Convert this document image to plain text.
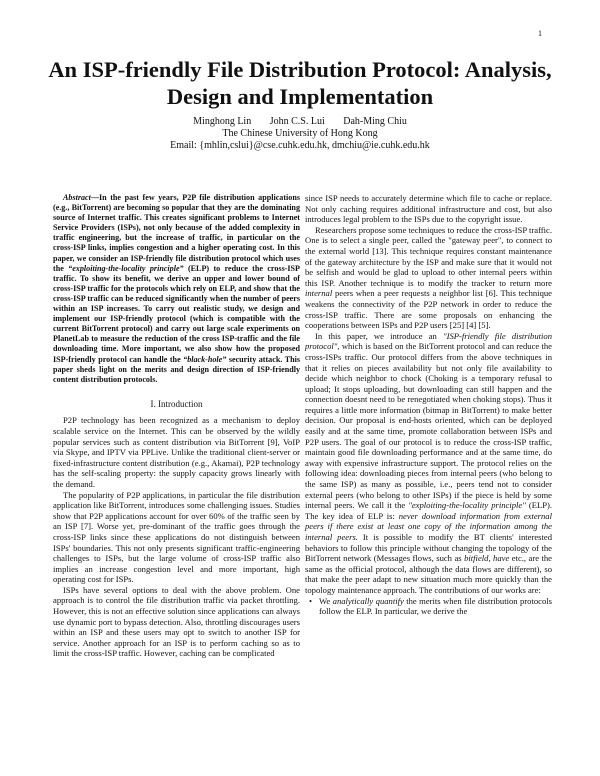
1
An ISP-friendly File Distribution Protocol: Analysis, Design and Implementation
Minghong Lin John C.S. Lui Dah-Ming Chiu
The Chinese University of Hong Kong
Email: {mhlin,cslui}@cse.cuhk.edu.hk, dmchiu@ie.cuhk.edu.hk

Abstract—In the past few years, P2P file distribution applications (e.g., BitTorrent) are becoming so popular that they are the dominating source of Internet traffic. This creates significant problems to Internet Service Providers (ISPs), not only because of the added complexity in traffic engineering, but the increase of traffic, in particular on the cross-ISP links, implies congestion and a higher operating cost. In this paper, we consider an ISP-friendly file distribution protocol which uses the “exploiting-the-locality principle” (ELP) to reduce the cross-ISP traffic. To show its benefit, we derive an upper and lower bound of cross-ISP traffic for the protocols which rely on ELP, and show that the cross-ISP traffic can be reduced significantly when the number of peers within an ISP increases. To carry out realistic study, we design and implement our ISP-friendly protocol (which is compatible with the current BitTorrent protocol) and carry out large scale experiments on PlanetLab to measure the reduction of the cross ISP-traffic and the file downloading time. More important, we also show how the proposed ISP-friendly protocol can handle the “black-hole” security attack. This paper sheds light on the merits and design direction of ISP-friendly content distribution protocols.

I. Introduction

P2P technology has been recognized as a mechanism to deploy scalable service on the Internet. This can be observed by the wildly popular services such as content distribution via BitTorrent [9], VoIP via Skype, and IPTV via PPLive. Unlike the traditional client-server or fixed-infrastructure content distribution (e.g., Akamai), P2P technology has the self-scaling property: the supply capacity grows linearly with the demand.

The popularity of P2P applications, in particular the file distribution application like BitTorrent, introduces some challenging issues. Studies show that P2P applications account for over 60% of the traffic seen by an ISP [7]. Worse yet, pre-dominant of the traffic goes through the cross-ISP links since these applications do not distinguish between ISPs' boundaries. This not only presents significant traffic-engineering challenges to ISPs, but the large volume of cross-ISP traffic also implies an increase congestion level and more important, high operating cost for ISPs.

ISPs have several options to deal with the above problem. One approach is to control the file distribution traffic via packet throttling. However, this is not an effective solution since applications can always use dynamic port to bypass detection. Also, throttling discourages users within an ISP and these users may opt to switch to another ISP for service. Another approach for an ISP is to perform caching so as to limit the cross-ISP traffic. However, caching can be complicated

since ISP needs to accurately determine which file to cache or replace. Not only caching requires additional infrastructure and cost, but also introduces legal problem to the ISPs due to the copyright issue.

Researchers propose some techniques to reduce the cross-ISP traffic. One is to select a single peer, called the "gateway peer", to connect to the external world [13]. This technique requires constant maintenance of the gateway architecture by the ISP and make sure that it would not be selfish and would be glad to upload to other internal peers within this ISP. Another technique is to modify the tracker to return more internal peers when a peer requests a neighbor list [6]. This technique weakens the connectivity of the P2P network in order to reduce the cross-ISP traffic. There are some proposals on enhancing the cooperations between ISPs and P2P users [25] [4] [5].

In this paper, we introduce an "ISP-friendly file distribution protocol", which is based on the BitTorrent protocol and can reduce the cross-ISPs traffic. Our protocol differs from the above techniques in that it relies on pieces availability but not only file availability to decide which neighbor to chock (Choking is a temporary refusal to upload; It stops uploading, but downloading can still happen and the connection doesnt need to be renegotiated when choking stops). Thus it requires a little more information (bitmap in BitTorrent) to make better decision. Our proposal is end-hosts oriented, which can be deployed easily and at the same time, promote collaboration between ISPs and P2P users. The goal of our protocol is to reduce the cross-ISP traffic, maintain good file downloading performance and at the same time, do away with expensive infrastructure support. The protocol relies on the following idea: downloading pieces from internal peers (who belong to the same ISP) as many as possible, i.e., peers tend not to consider external peers (who belong to other ISPs) if the piece is held by some internal peers. We call it the "exploiting-the-locality principle" (ELP). The key idea of ELP is: never download information from external peers if there exist at least one copy of the information among the internal peers. It is possible to modify the BT clients' interested behaviors to follow this principle without changing the topology of the BitTorrent network (Messages flows, such as bitfield, have etc., are the same as the official protocol, although the data flows are different), so that make the peer adapt to new situation much more quickly than the topology maintenance approach. The contributions of our works are:

• We analytically quantify the merits when file distribution protocols follow the ELP. In particular, we derive the
